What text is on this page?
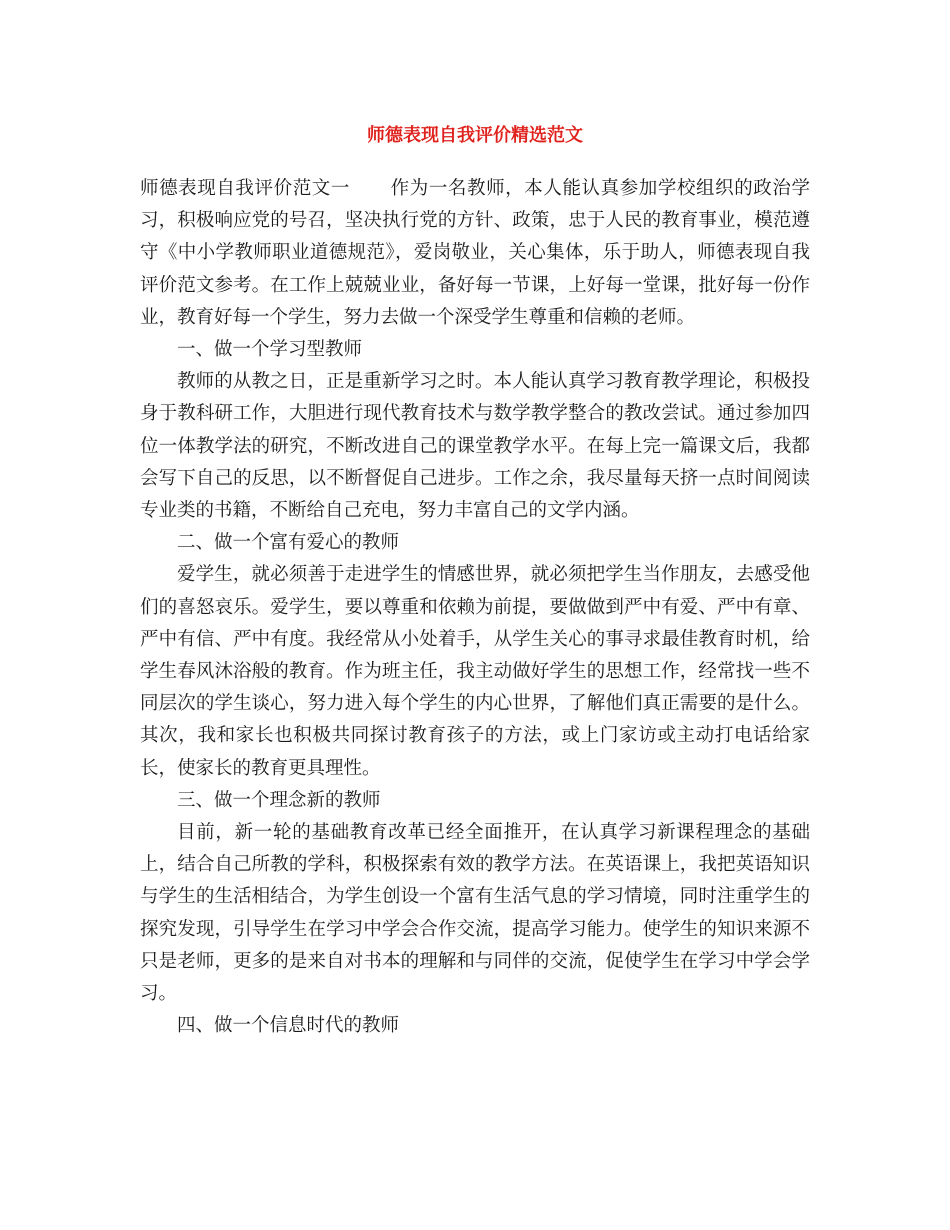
师德表现自我评价精选范文

师德表现自我评价范文一 作为一名教师，本人能认真参加学校组织的政治学习，积极响应党的号召，坚决执行党的方针、政策，忠于人民的教育事业，模范遵守《中小学教师职业道德规范》，爱岗敬业，关心集体，乐于助人，师德表现自我评价范文参考。在工作上兢兢业业，备好每一节课，上好每一堂课，批好每一份作业，教育好每一个学生，努力去做一个深受学生尊重和信赖的老师。

一、做一个学习型教师

教师的从教之日，正是重新学习之时。本人能认真学习教育教学理论，积极投身于教科研工作，大胆进行现代教育技术与数学教学整合的教改尝试。通过参加四位一体教学法的研究，不断改进自己的课堂教学水平。在每上完一篇课文后，我都会写下自己的反思，以不断督促自己进步。工作之余，我尽量每天挤一点时间阅读专业类的书籍，不断给自己充电，努力丰富自己的文学内涵。

二、做一个富有爱心的教师

爱学生，就必须善于走进学生的情感世界，就必须把学生当作朋友，去感受他们的喜怒哀乐。爱学生，要以尊重和依赖为前提，要做做到严中有爱、严中有章、严中有信、严中有度。我经常从小处着手，从学生关心的事寻求最佳教育时机，给学生春风沐浴般的教育。作为班主任，我主动做好学生的思想工作，经常找一些不同层次的学生谈心，努力进入每个学生的内心世界，了解他们真正需要的是什么。其次，我和家长也积极共同探讨教育孩子的方法，或上门家访或主动打电话给家长，使家长的教育更具理性。

三、做一个理念新的教师

目前，新一轮的基础教育改革已经全面推开，在认真学习新课程理念的基础上，结合自己所教的学科，积极探索有效的教学方法。在英语课上，我把英语知识与学生的生活相结合，为学生创设一个富有生活气息的学习情境，同时注重学生的探究发现，引导学生在学习中学会合作交流，提高学习能力。使学生的知识来源不只是老师，更多的是来自对书本的理解和与同伴的交流，促使学生在学习中学会学习。

四、做一个信息时代的教师
